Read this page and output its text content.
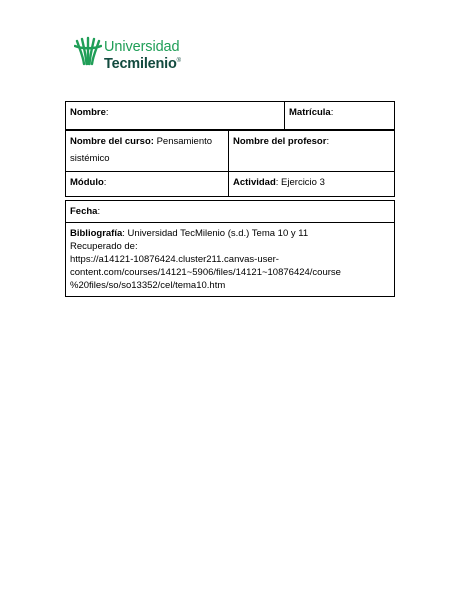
Universidad
Tecmilenio®
Nombre:	Matrícula:
Nombre del curso: Pensamiento
sistémico	Nombre del profesor:
Módulo:	Actividad: Ejercicio 3
Fecha:

Bibliografía: Universidad TecMilenio (s.d.) Tema 10 y 11
Recuperado de:
https://a14121-10876424.cluster211.canvas-user-
content.com/courses/14121~5906/files/14121~10876424/course
%20files/so/so13352/cel/tema10.htm
